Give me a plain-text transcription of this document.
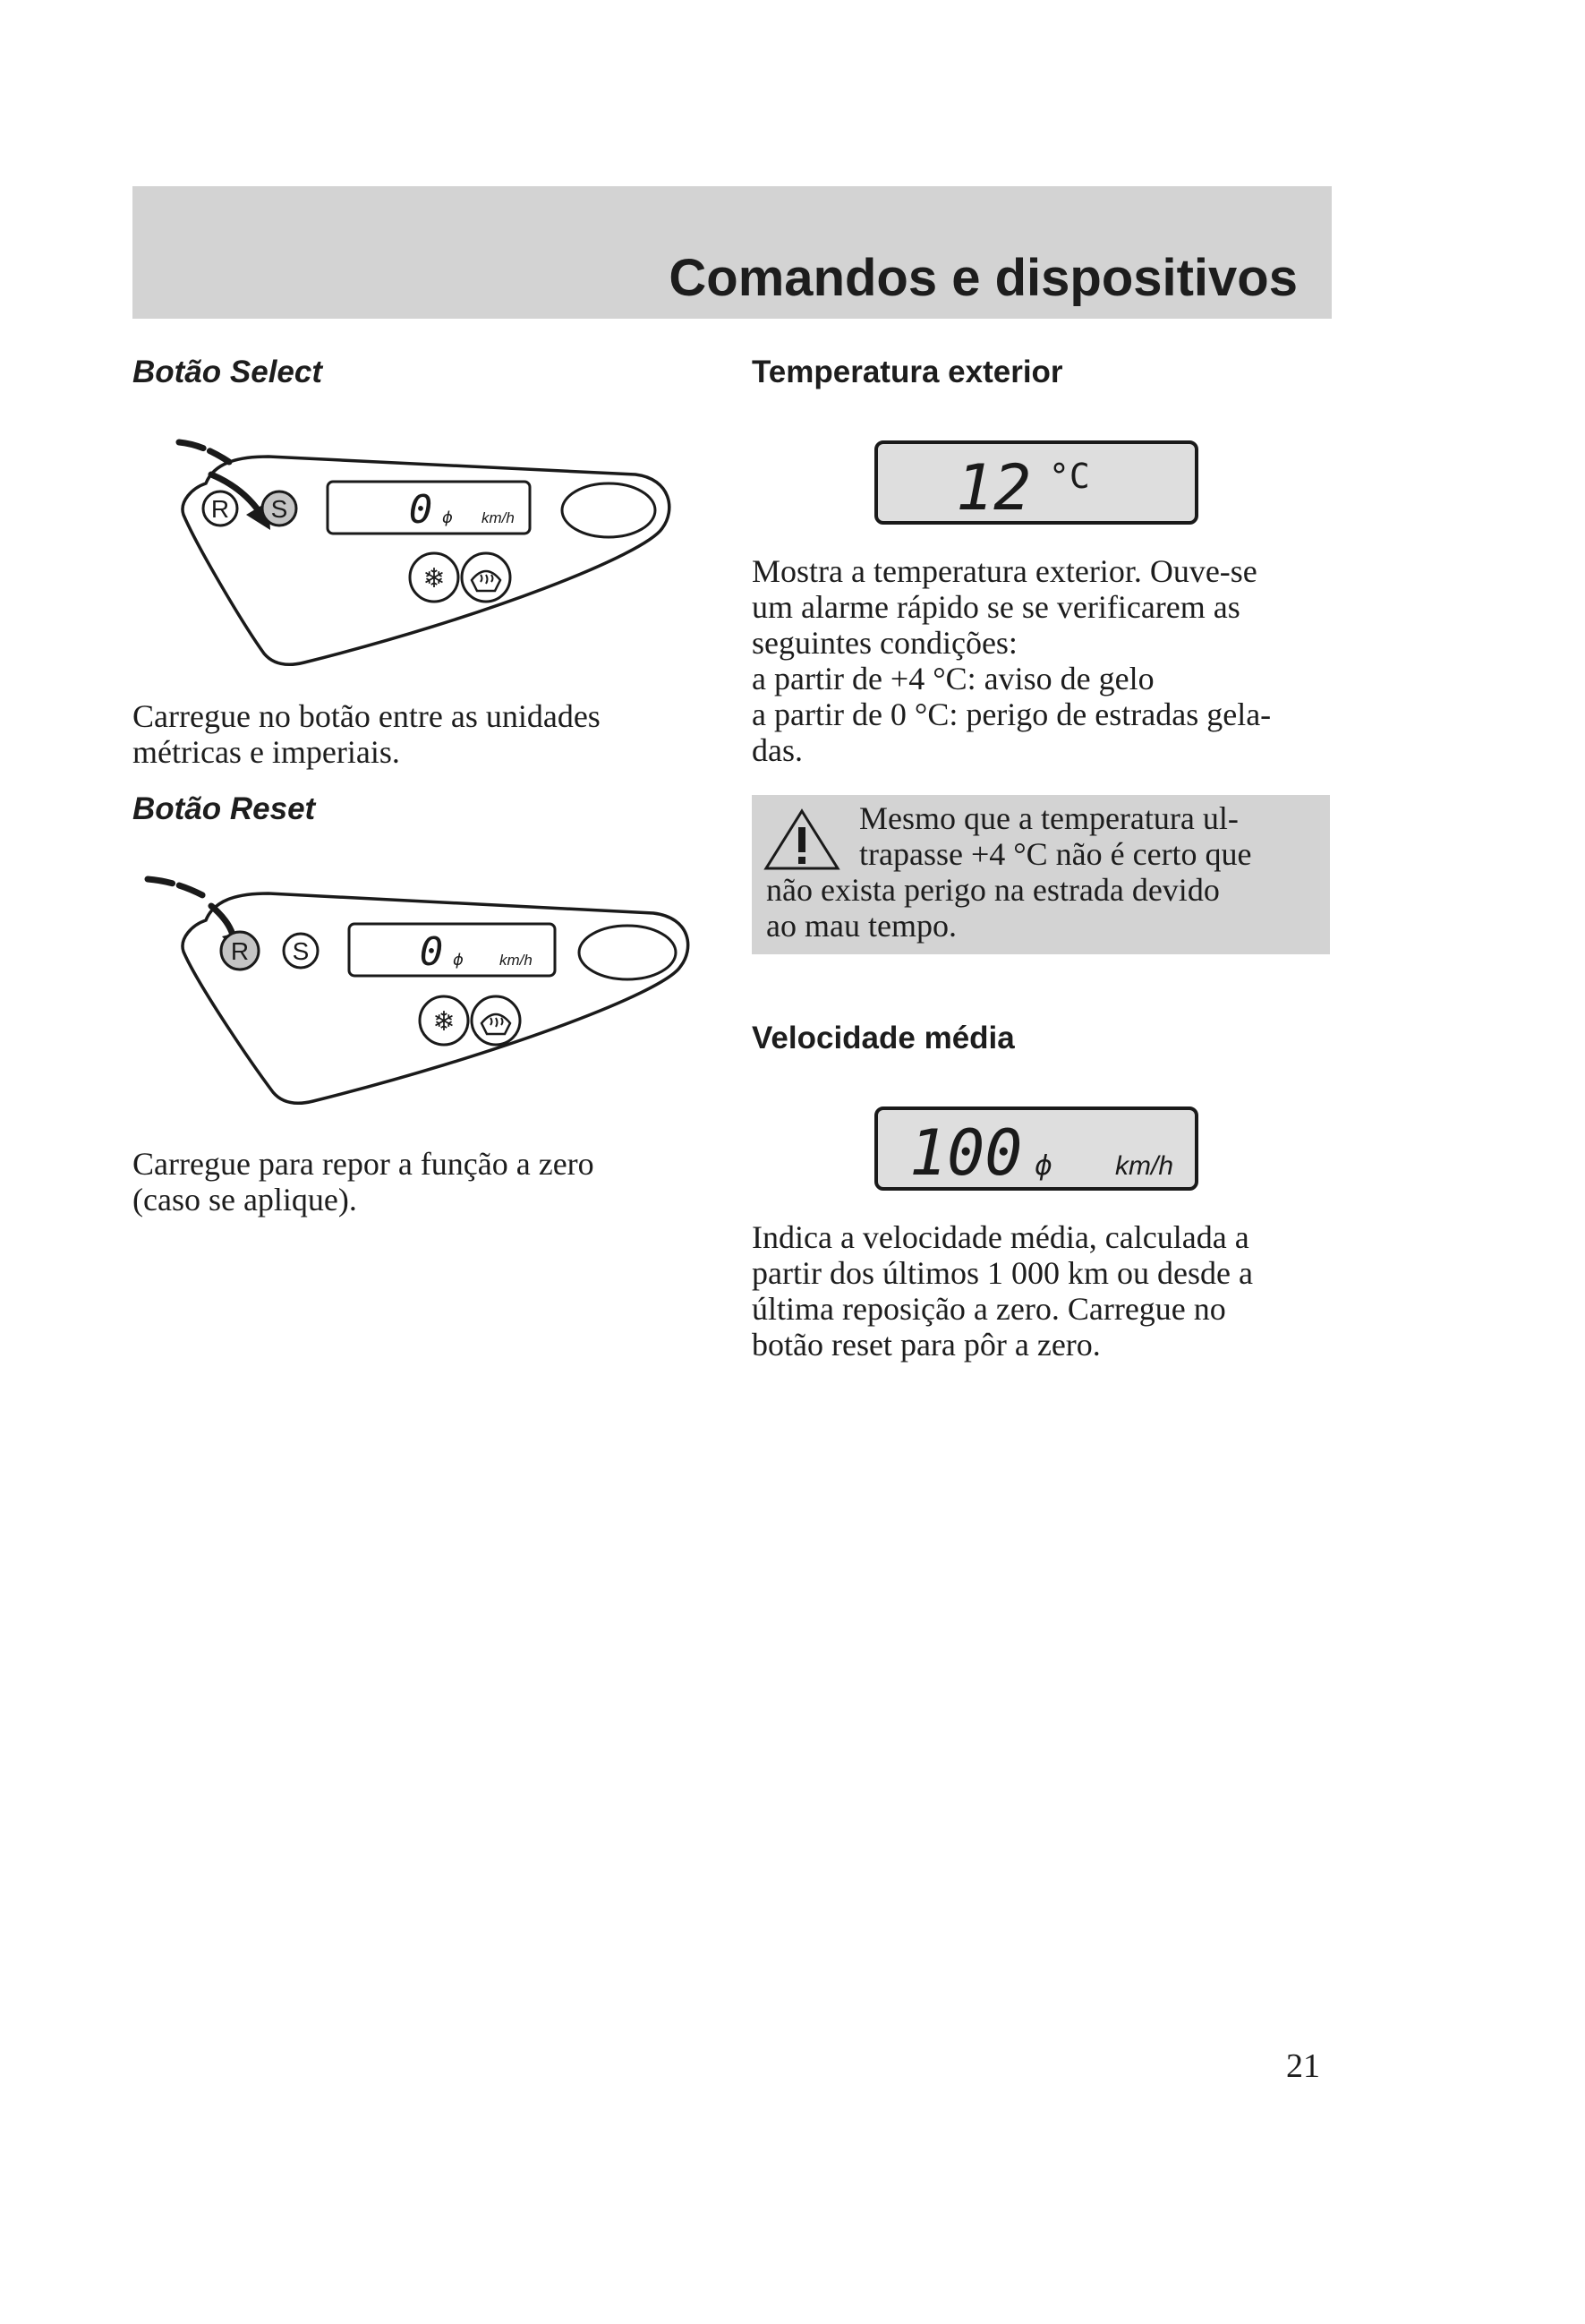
Comandos e dispositivos
Botão Select
R S	0 ϕ km/h
❄

Carregue no botão entre as unidades
métricas e imperiais.

Botão Reset
R S	0 ϕ km/h
❄

Carregue para repor a função a zero
(caso se aplique).

Temperatura exterior
12 °C

Mostra a temperatura exterior. Ouve-se
um alarme rápido se se verificarem as
seguintes condições:
a partir de +4 °C: aviso de gelo
a partir de 0 °C: perigo de estradas gela-
das.

Mesmo que a temperatura ul-
trapasse +4 °C não é certo que
não exista perigo na estrada devido
ao mau tempo.

Velocidade média
100 ϕ km/h

Indica a velocidade média, calculada a
partir dos últimos 1 000 km ou desde a
última reposição a zero. Carregue no
botão reset para pôr a zero.

21
